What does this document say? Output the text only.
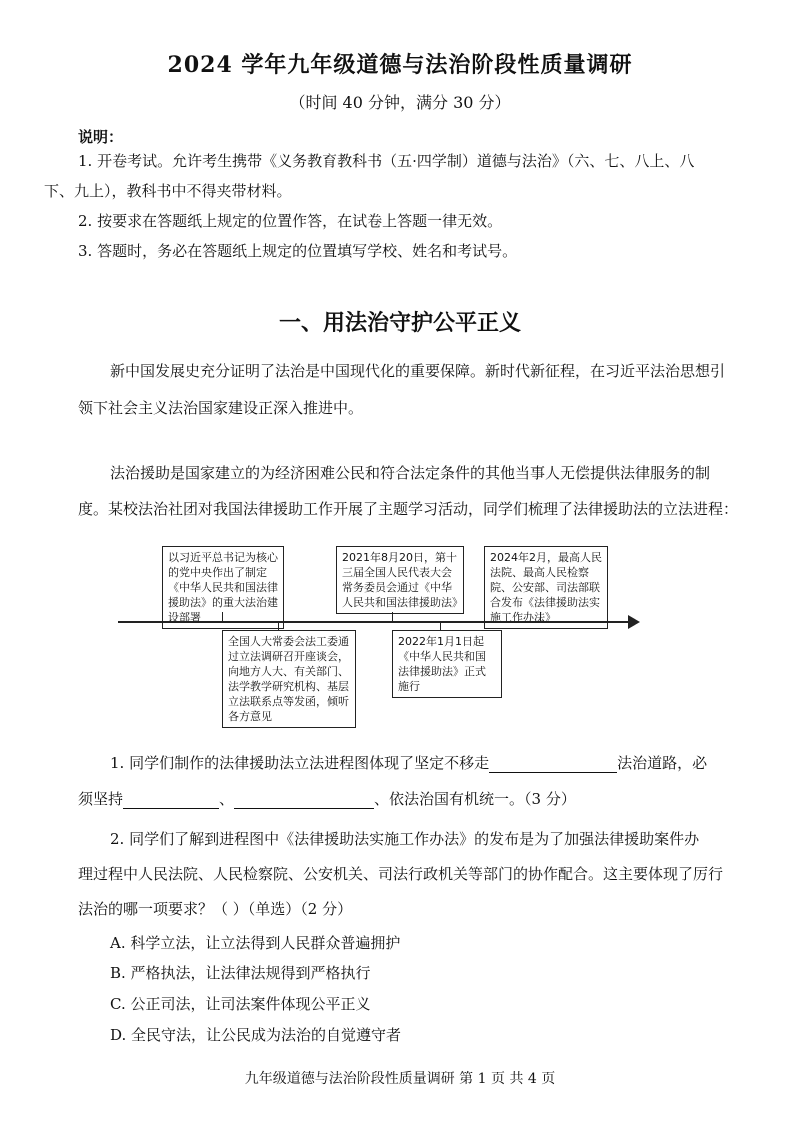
2024 学年九年级道德与法治阶段性质量调研
（时间 40 分钟，满分 30 分）
说明：
1. 开卷考试。允许考生携带《义务教育教科书（五·四学制）道德与法治》（六、七、八上、八
下、九上），教科书中不得夹带材料。
2. 按要求在答题纸上规定的位置作答，在试卷上答题一律无效。
3. 答题时，务必在答题纸上规定的位置填写学校、姓名和考试号。
一、用法治守护公平正义
新中国发展史充分证明了法治是中国现代化的重要保障。新时代新征程，在习近平法治思想引
领下社会主义法治国家建设正深入推进中。
法治援助是国家建立的为经济困难公民和符合法定条件的其他当事人无偿提供法律服务的制
度。某校法治社团对我国法律援助工作开展了主题学习活动，同学们梳理了法律援助法的立法进程：
以习近平总书记为核心的党中央作出了制定《中华人民共和国法律援助法》的重大法治建设部署
2021年8月20日，第十三届全国人民代表大会常务委员会通过《中华人民共和国法律援助法》
2024年2月，最高人民法院、最高人民检察院、公安部、司法部联合发布《法律援助法实施工作办法》
全国人大常委会法工委通过立法调研召开座谈会，向地方人大、有关部门、法学教学研究机构、基层立法联系点等发函，倾听各方意见
2022年1月1日起《中华人民共和国法律援助法》正式施行
1. 同学们制作的法律援助法立法进程图体现了坚定不移走	法治道路，必
须坚持	、	、依法治国有机统一。（3 分）
2. 同学们了解到进程图中《法律援助法实施工作办法》的发布是为了加强法律援助案件办
理过程中人民法院、人民检察院、公安机关、司法行政机关等部门的协作配合。这主要体现了厉行
法治的哪一项要求？（ ）（单选）（2 分）
A. 科学立法，让立法得到人民群众普遍拥护
B. 严格执法，让法律法规得到严格执行
C. 公正司法，让司法案件体现公平正义
D. 全民守法，让公民成为法治的自觉遵守者
九年级道德与法治阶段性质量调研 第 1 页 共 4 页
